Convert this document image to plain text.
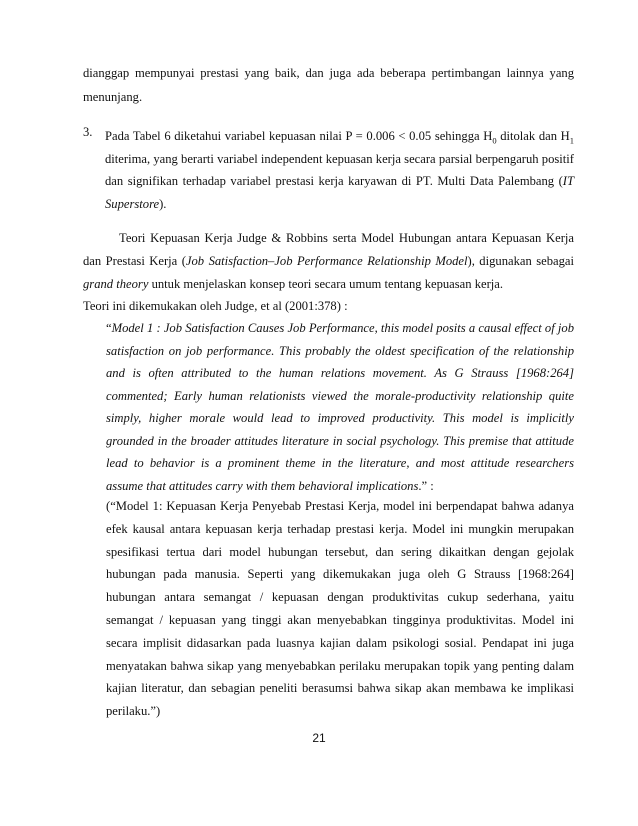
dianggap mempunyai prestasi yang baik, dan juga ada beberapa pertimbangan lainnya yang menunjang.

3. Pada Tabel 6 diketahui variabel kepuasan nilai P = 0.006 < 0.05 sehingga $H_0$ ditolak dan $H_1$ diterima, yang berarti variabel independent kepuasan kerja secara parsial berpengaruh positif dan signifikan terhadap variabel prestasi kerja karyawan di PT. Multi Data Palembang (IT Superstore).

Teori Kepuasan Kerja Judge & Robbins serta Model Hubungan antara Kepuasan Kerja dan Prestasi Kerja (Job Satisfaction–Job Performance Relationship Model), digunakan sebagai grand theory untuk menjelaskan konsep teori secara umum tentang kepuasan kerja.

Teori ini dikemukakan oleh Judge, et al (2001:378) :

“Model 1 : Job Satisfaction Causes Job Performance, this model posits a causal effect of job satisfaction on job performance. This probably the oldest specification of the relationship and is often attributed to the human relations movement. As G Strauss [1968:264] commented; Early human relationists viewed the morale-productivity relationship quite simply, higher morale would lead to improved productivity. This model is implicitly grounded in the broader attitudes literature in social psychology. This premise that attitude lead to behavior is a prominent theme in the literature, and most attitude researchers assume that attitudes carry with them behavioral implications.” :

(“Model 1: Kepuasan Kerja Penyebab Prestasi Kerja, model ini berpendapat bahwa adanya efek kausal antara kepuasan kerja terhadap prestasi kerja. Model ini mungkin merupakan spesifikasi tertua dari model hubungan tersebut, dan sering dikaitkan dengan gejolak hubungan pada manusia. Seperti yang dikemukakan juga oleh G Strauss [1968:264] hubungan antara semangat / kepuasan dengan produktivitas cukup sederhana, yaitu semangat / kepuasan yang tinggi akan menyebabkan tingginya produktivitas. Model ini secara implisit didasarkan pada luasnya kajian dalam psikologi sosial. Pendapat ini juga menyatakan bahwa sikap yang menyebabkan perilaku merupakan topik yang penting dalam kajian literatur, dan sebagian peneliti berasumsi bahwa sikap akan membawa ke implikasi perilaku.”)

21
